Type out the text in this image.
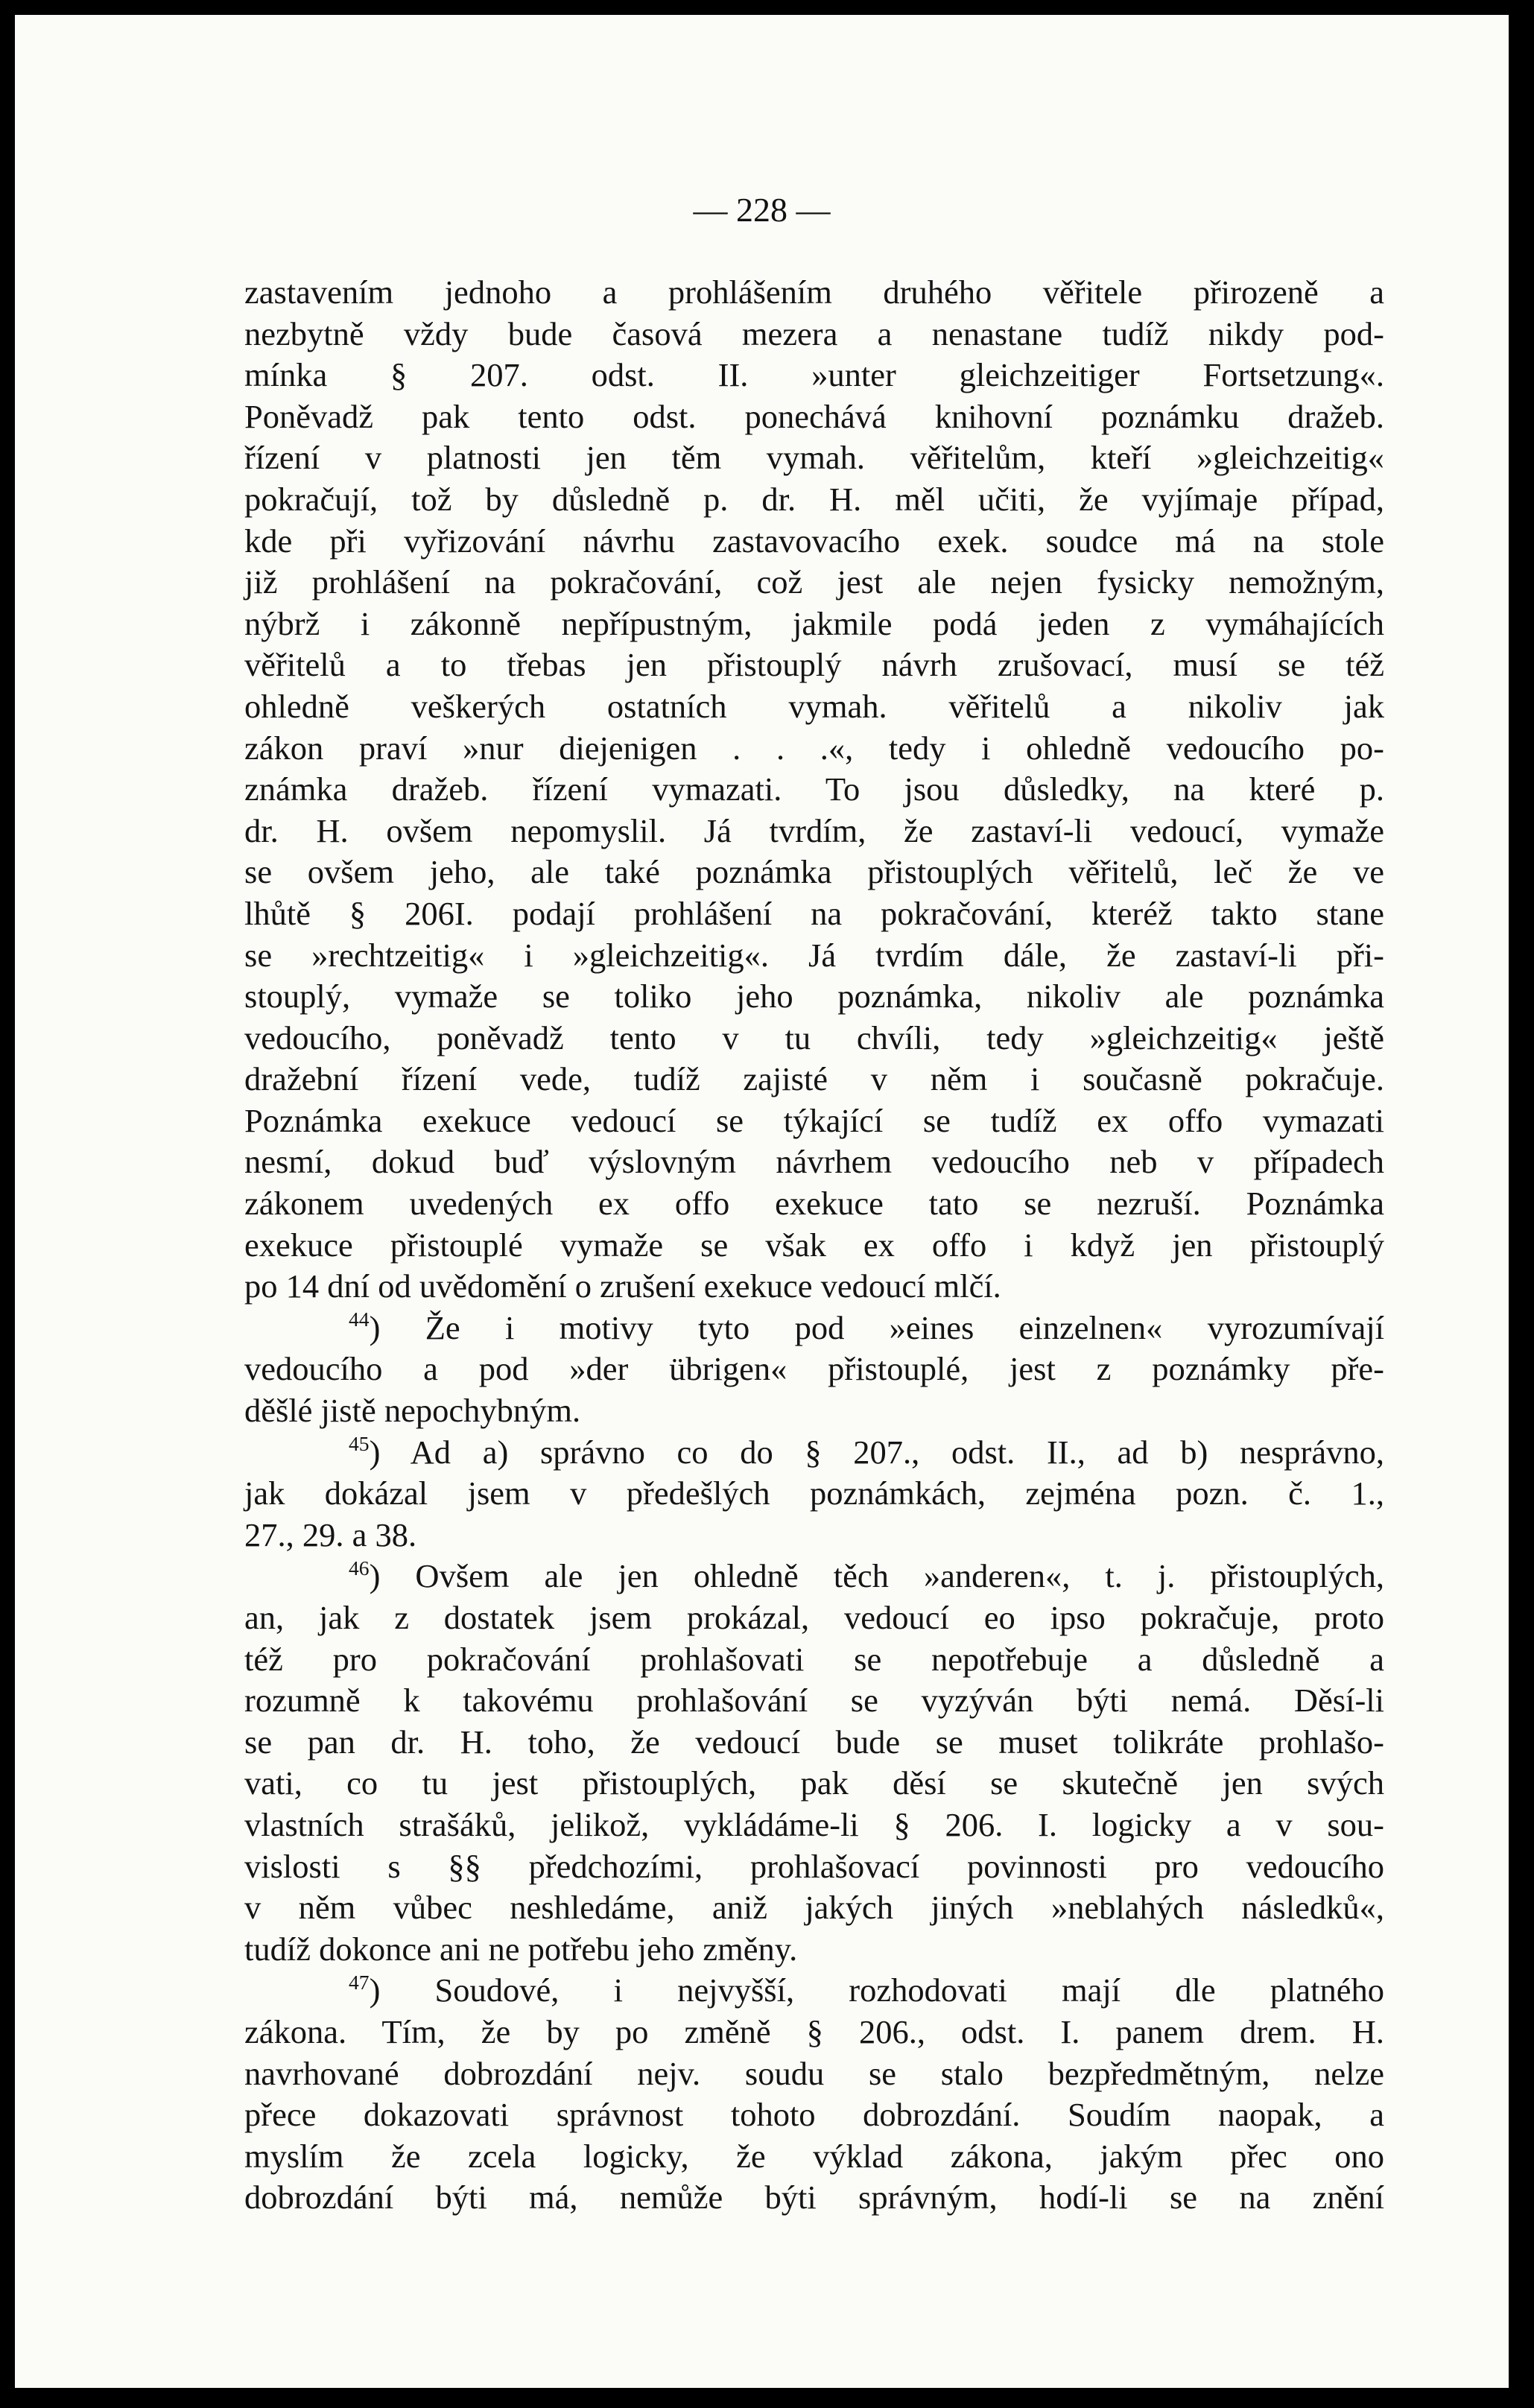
— 228 —
zastavením jednoho a prohlášením druhého věřitele přirozeně a
nezbytně vždy bude časová mezera a nenastane tudíž nikdy pod-
mínka § 207. odst. II. »unter gleichzeitiger Fortsetzung«.
Poněvadž pak tento odst. ponechává knihovní poznámku dražeb.
řízení v platnosti jen těm vymah. věřitelům, kteří »gleichzeitig«
pokračují, tož by důsledně p. dr. H. měl učiti, že vyjímaje případ,
kde při vyřizování návrhu zastavovacího exek. soudce má na stole
již prohlášení na pokračování, což jest ale nejen fysicky nemožným,
nýbrž i zákonně nepřípustným, jakmile podá jeden z vymáhajících
věřitelů a to třebas jen přistouplý návrh zrušovací, musí se též
ohledně veškerých ostatních vymah. věřitelů a nikoliv jak
zákon praví »nur diejenigen . . .«, tedy i ohledně vedoucího po-
známka dražeb. řízení vymazati. To jsou důsledky, na které p.
dr. H. ovšem nepomyslil. Já tvrdím, že zastaví-li vedoucí, vymaže
se ovšem jeho, ale také poznámka přistouplých věřitelů, leč že ve
lhůtě § 206I. podají prohlášení na pokračování, kteréž takto stane
se »rechtzeitig« i »gleichzeitig«. Já tvrdím dále, že zastaví-li při-
stouplý, vymaže se toliko jeho poznámka, nikoliv ale poznámka
vedoucího, poněvadž tento v tu chvíli, tedy »gleichzeitig« ještě
dražební řízení vede, tudíž zajisté v něm i současně pokračuje.
Poznámka exekuce vedoucí se týkající se tudíž ex offo vymazati
nesmí, dokud buď výslovným návrhem vedoucího neb v případech
zákonem uvedených ex offo exekuce tato se nezruší. Poznámka
exekuce přistouplé vymaže se však ex offo i když jen přistouplý
po 14 dní od uvědomění o zrušení exekuce vedoucí mlčí.
$^{44}$) Že i motivy tyto pod »eines einzelnen« vyrozumívají
vedoucího a pod »der übrigen« přistouplé, jest z poznámky pře-
děšlé jistě nepochybným.
$^{45}$) Ad a) správno co do § 207., odst. II., ad b) nesprávno,
jak dokázal jsem v předešlých poznámkách, zejména pozn. č. 1.,
27., 29. a 38.
$^{46}$) Ovšem ale jen ohledně těch »anderen«, t. j. přistouplých,
an, jak z dostatek jsem prokázal, vedoucí eo ipso pokračuje, proto
též pro pokračování prohlašovati se nepotřebuje a důsledně a
rozumně k takovému prohlašování se vyzýván býti nemá. Děsí-li
se pan dr. H. toho, že vedoucí bude se muset tolikráte prohlašo-
vati, co tu jest přistouplých, pak děsí se skutečně jen svých
vlastních strašáků, jelikož, vykládáme-li § 206. I. logicky a v sou-
vislosti s §§ předchozími, prohlašovací povinnosti pro vedoucího
v něm vůbec neshledáme, aniž jakých jiných »neblahých následků«,
tudíž dokonce ani ne potřebu jeho změny.
$^{47}$) Soudové, i nejvyšší, rozhodovati mají dle platného
zákona. Tím, že by po změně § 206., odst. I. panem drem. H.
navrhované dobrozdání nejv. soudu se stalo bezpředmětným, nelze
přece dokazovati správnost tohoto dobrozdání. Soudím naopak, a
myslím že zcela logicky, že výklad zákona, jakým přec ono
dobrozdání býti má, nemůže býti správným, hodí-li se na znění
